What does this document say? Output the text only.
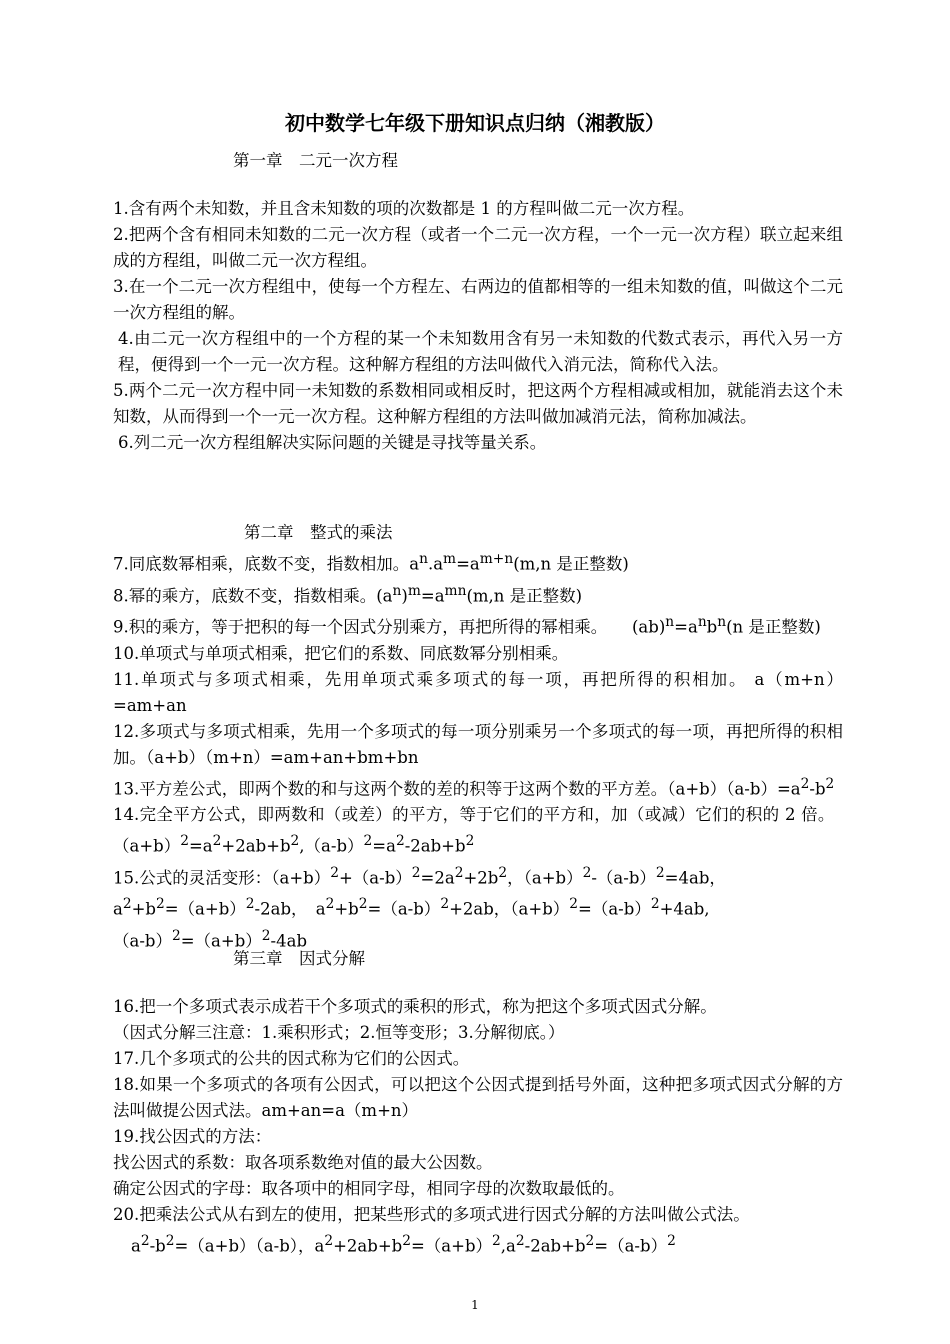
初中数学七年级下册知识点归纳（湘教版）
第一章　二元一次方程

1.含有两个未知数，并且含未知数的项的次数都是 1 的方程叫做二元一次方程。

2.把两个含有相同未知数的二元一次方程（或者一个二元一次方程，一个一元一次方程）联立起来组成的方程组，叫做二元一次方程组。

3.在一个二元一次方程组中，使每一个方程左、右两边的值都相等的一组未知数的值，叫做这个二元一次方程组的解。

4.由二元一次方程组中的一个方程的某一个未知数用含有另一未知数的代数式表示，再代入另一方程，便得到一个一元一次方程。这种解方程组的方法叫做代入消元法，简称代入法。

5.两个二元一次方程中同一未知数的系数相同或相反时，把这两个方程相减或相加，就能消去这个未知数，从而得到一个一元一次方程。这种解方程组的方法叫做加减消元法，简称加减法。

6.列二元一次方程组解决实际问题的关键是寻找等量关系。

第二章　整式的乘法

7.同底数幂相乘，底数不变，指数相加。$a^n.a^m=a^{m+n}(m,n$ 是正整数)

8.幂的乘方，底数不变，指数相乘。$(a^n)^m=a^{mn}(m,n$ 是正整数)

9.积的乘方，等于把积的每一个因式分别乘方，再把所得的幂相乘。　　$(ab)^n=a^nb^n(n$ 是正整数)

10.单项式与单项式相乘，把它们的系数、同底数幂分别相乘。

11.单项式与多项式相乘，先用单项式乘多项式的每一项，再把所得的积相加。 a（m+n）=am+an

12.多项式与多项式相乘，先用一个多项式的每一项分别乘另一个多项式的每一项，再把所得的积相加。（a+b）（m+n）=am+an+bm+bn

13.平方差公式，即两个数的和与这两个数的差的积等于这两个数的平方差。$(a+b)(a-b)=a^2-b^2$

14.完全平方公式，即两数和（或差）的平方，等于它们的平方和，加（或减）它们的积的 2 倍。　$(a+b)^2=a^2+2ab+b^2,(a-b)^2=a^2-2ab+b^2$

15.公式的灵活变形：$(a+b)^2+(a-b)^2=2a^2+2b^2$，$(a+b)^2-(a-b)^2=4ab$，

$a^2+b^2=(a+b)^2-2ab$，　$a^2+b^2=(a-b)^2+2ab$，$(a+b)^2=(a-b)^2+4ab$,

$(a-b)^2=(a+b)^2-4ab$

第三章　因式分解

16.把一个多项式表示成若干个多项式的乘积的形式，称为把这个多项式因式分解。

（因式分解三注意：1.乘积形式；2.恒等变形；3.分解彻底。）

17.几个多项式的公共的因式称为它们的公因式。

18.如果一个多项式的各项有公因式，可以把这个公因式提到括号外面，这种把多项式因式分解的方法叫做提公因式法。am+an=a（m+n）

19.找公因式的方法：

找公因式的系数：取各项系数绝对值的最大公因数。

确定公因式的字母：取各项中的相同字母，相同字母的次数取最低的。

20.把乘法公式从右到左的使用，把某些形式的多项式进行因式分解的方法叫做公式法。

$a^2-b^2=(a+b)(a-b)$，$a^2+2ab+b^2=(a+b)^2,a^2-2ab+b^2=(a-b)^2$

1
